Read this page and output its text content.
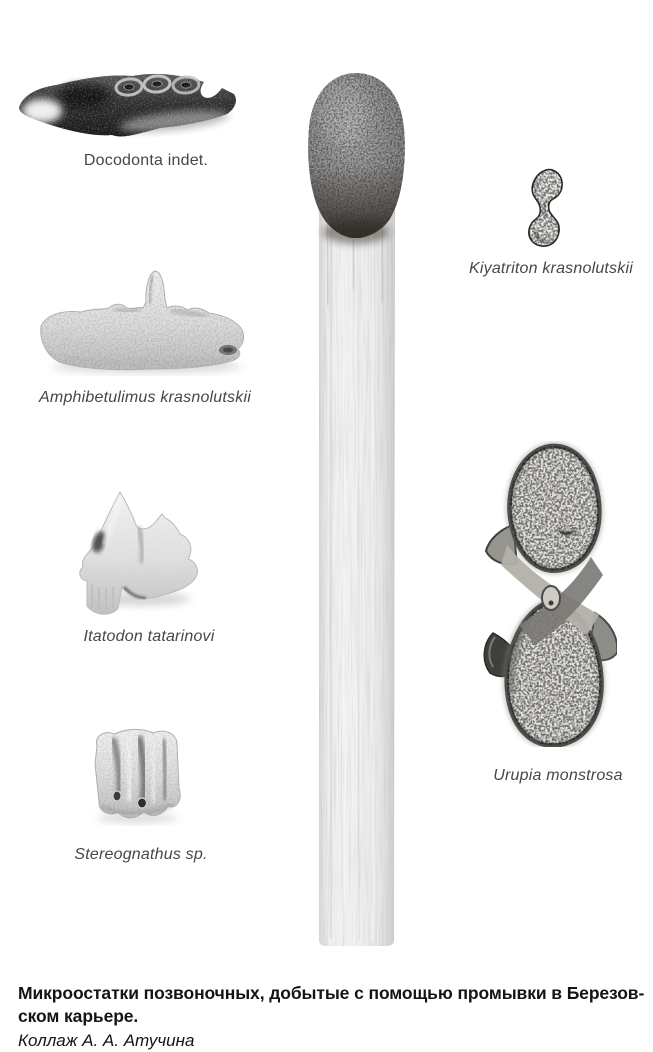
Docodonta indet.
Amphibetulimus krasnolutskii
Itatodon tatarinovi
Stereognathus sp.
Kiyatriton krasnolutskii
Urupia monstrosa
Микроостатки позвоночных, добытые с помощью промывки в Березов-
ском карьере.
Коллаж А. А. Атучина
